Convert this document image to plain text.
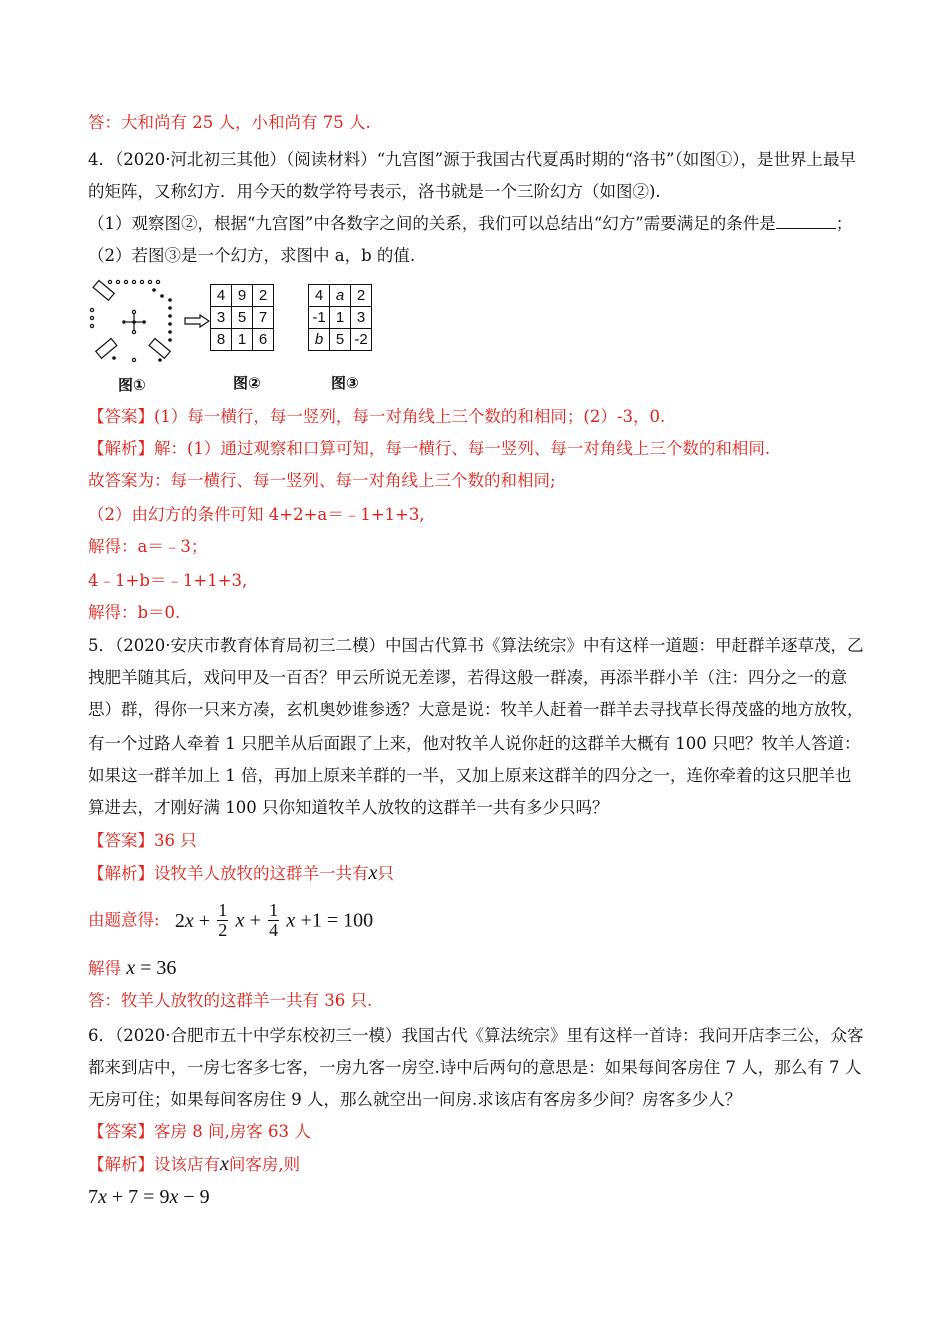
答：大和尚有 25 人，小和尚有 75 人.
4．（2020·河北初三其他）（阅读材料）“九宫图”源于我国古代夏禹时期的“洛书”（如图①），是世界上最早
的矩阵，又称幻方．用今天的数学符号表示，洛书就是一个三阶幻方（如图②).
（1）观察图②，根据“九宫图”中各数字之间的关系，我们可以总结出“幻方”需要满足的条件是	；
（2）若图③是一个幻方，求图中 a，b 的值.
4	9	2
3	5	7
8	1	6
4	a	2
-1	1	3
b	5	-2
图①	图②	图③
【答案】(1）每一横行，每一竖列，每一对角线上三个数的和相同；(2）-3，0.
【解析】解：(1）通过观察和口算可知，每一横行、每一竖列、每一对角线上三个数的和相同.
故答案为：每一横行、每一竖列、每一对角线上三个数的和相同;
（2）由幻方的条件可知 4+2+a＝﹣1+1+3,
解得：a＝﹣3；
4﹣1+b＝﹣1+1+3,
解得：b＝0.
5．（2020·安庆市教育体育局初三二模）中国古代算书《算法统宗》中有这样一道题：甲赶群羊逐草茂，乙
拽肥羊随其后，戏问甲及一百否？甲云所说无差谬，若得这般一群凑，再添半群小羊（注：四分之一的意
思）群，得你一只来方凑，玄机奥妙谁参透？大意是说：牧羊人赶着一群羊去寻找草长得茂盛的地方放牧，
有一个过路人牵着 1 只肥羊从后面跟了上来，他对牧羊人说你赶的这群羊大概有 100 只吧？牧羊人答道：
如果这一群羊加上 1 倍，再加上原来羊群的一半，又加上原来这群羊的四分之一，连你牵着的这只肥羊也
算进去，才刚好满 100 只你知道牧羊人放牧的这群羊一共有多少只吗？
【答案】36 只
【解析】设牧羊人放牧的这群羊一共有x只
由题意得: $2x + \frac{1}{2}$ $x + \frac{1}{4}$ x +1 = 100
解得 x = 36
答：牧羊人放牧的这群羊一共有 36 只.
6．（2020·合肥市五十中学东校初三一模）我国古代《算法统宗》里有这样一首诗：我问开店李三公，众客
都来到店中，一房七客多七客，一房九客一房空.诗中后两句的意思是：如果每间客房住 7 人，那么有 7 人
无房可住；如果每间客房住 9 人，那么就空出一间房.求该店有客房多少间？房客多少人？
【答案】客房 8 间,房客 63 人
【解析】设该店有x间客房,则
7x + 7 = 9x − 9
